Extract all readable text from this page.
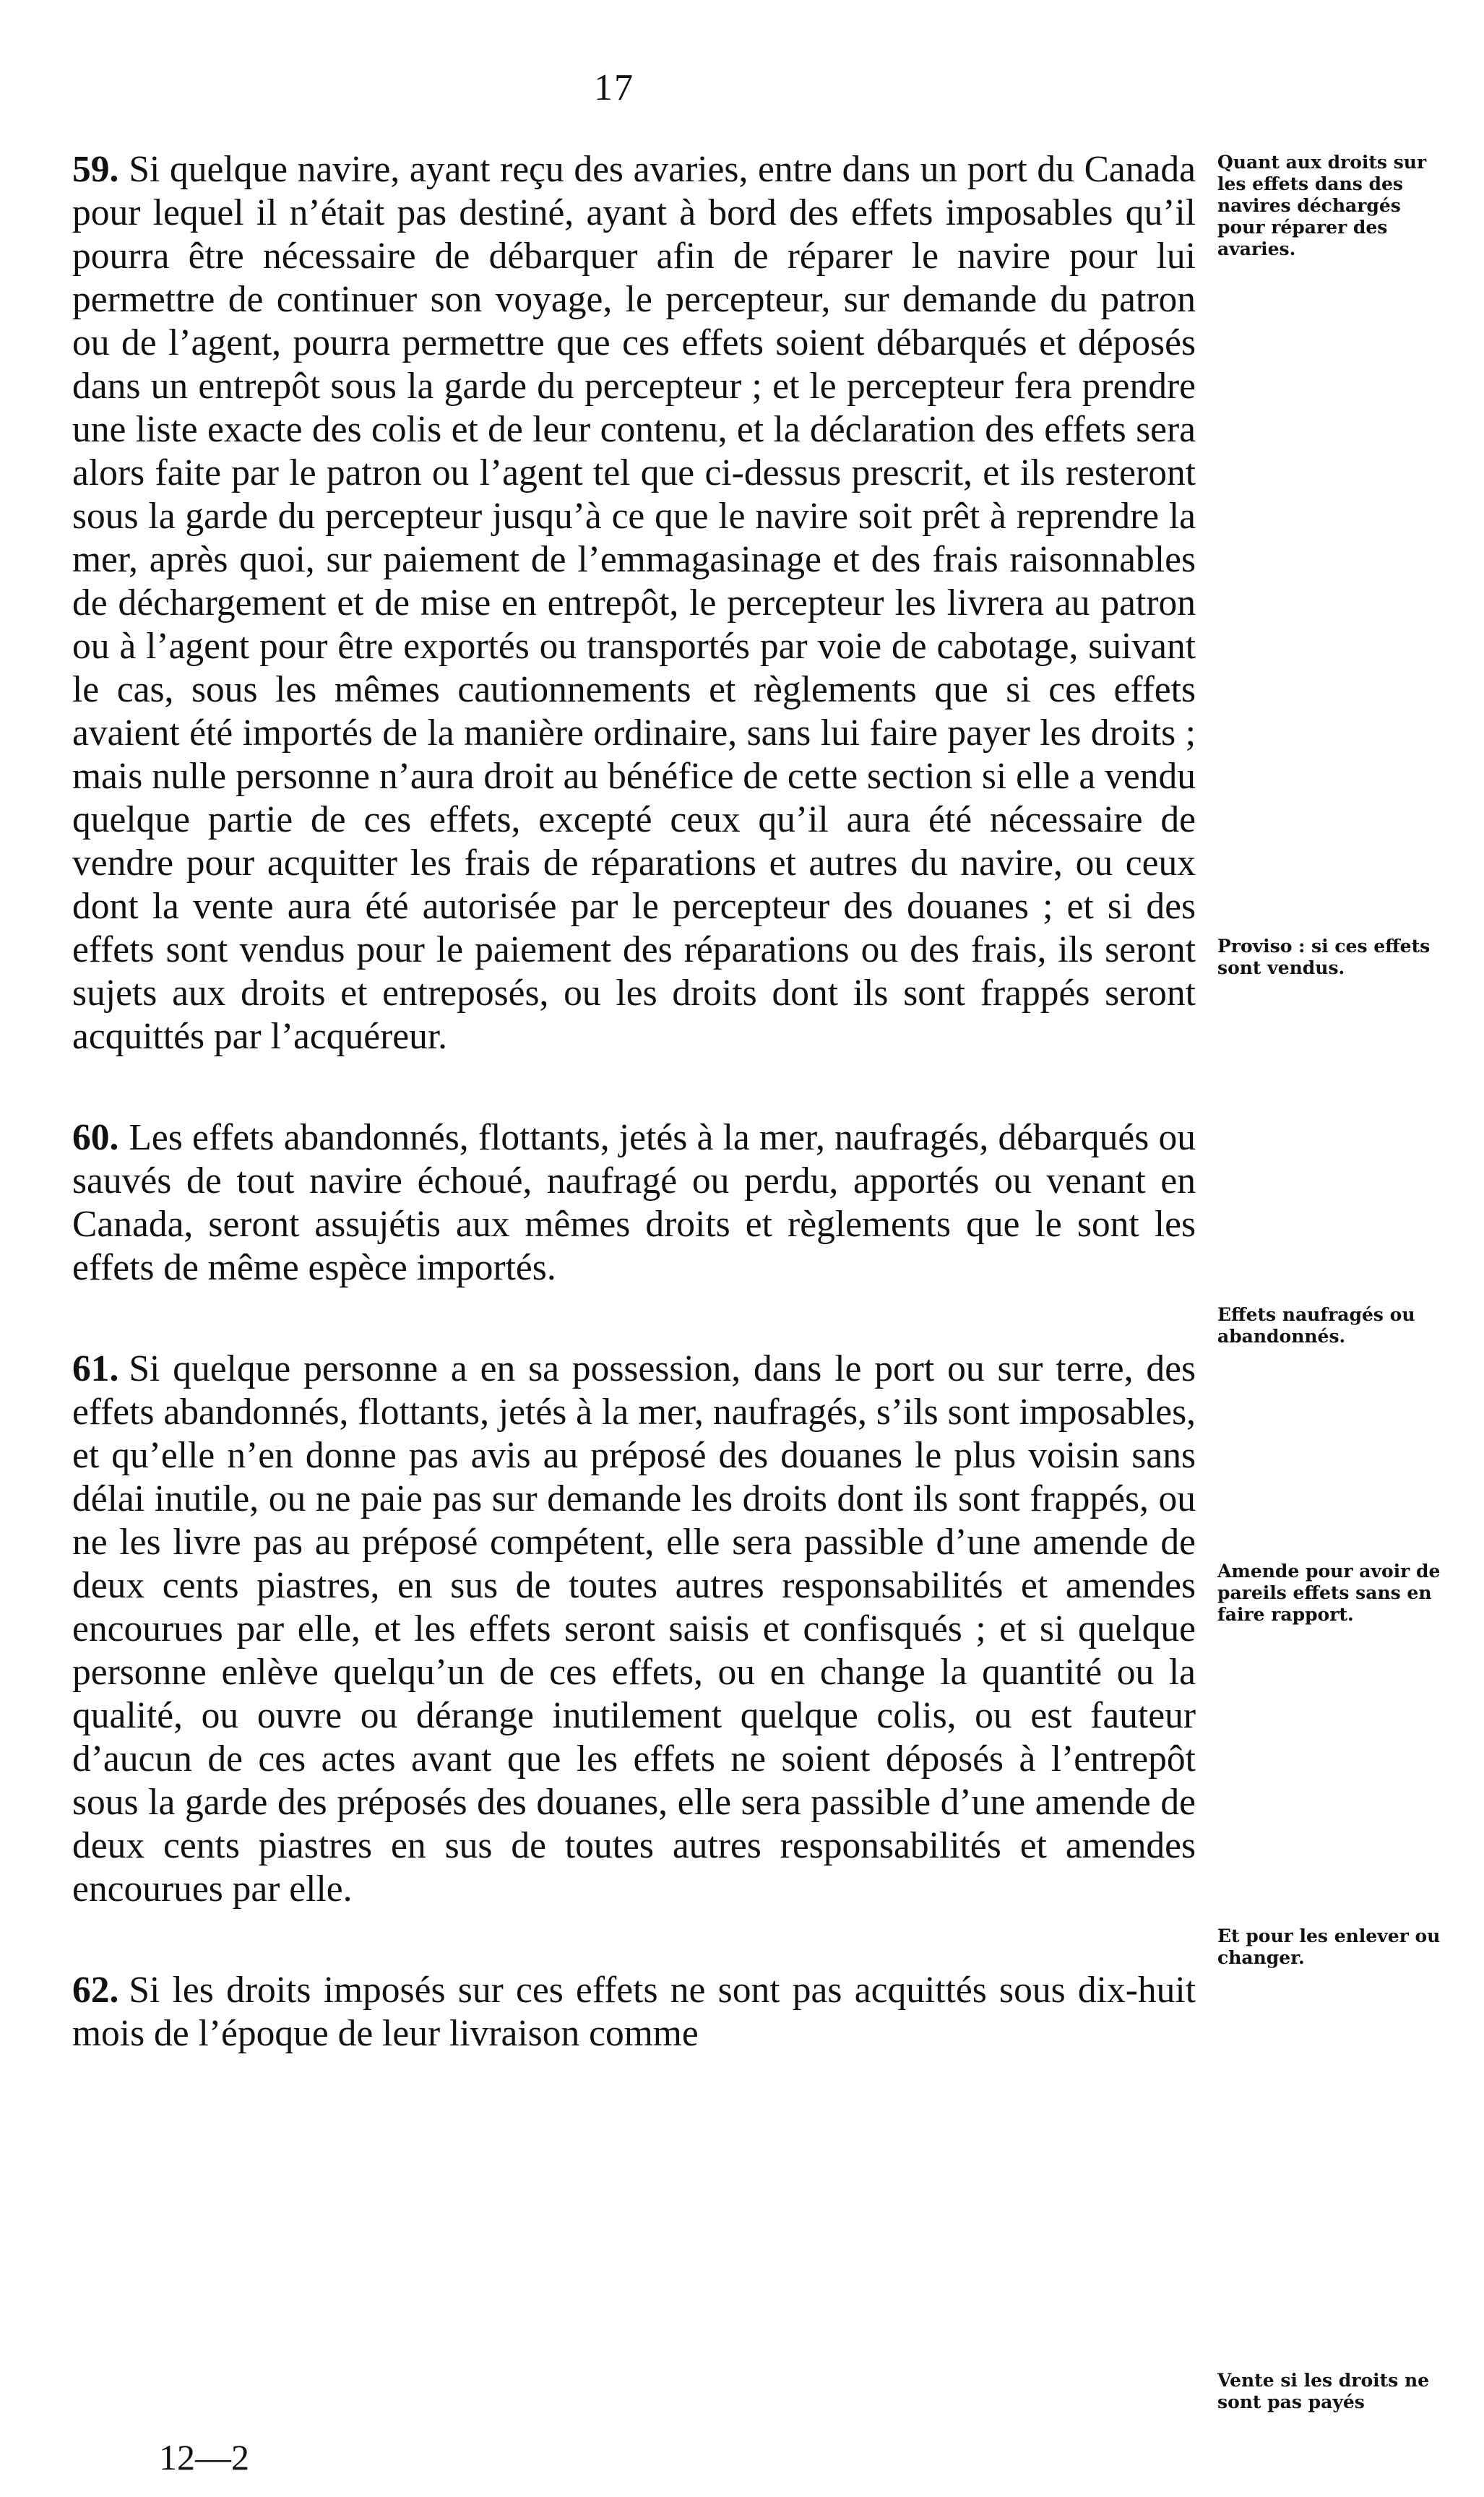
17

59. Si quelque navire, ayant reçu des avaries, entre dans un port du Canada pour lequel il n’était pas destiné, ayant à bord des effets imposables qu’il pourra être nécessaire de débarquer afin de réparer le navire pour lui permettre de continuer son voyage, le percepteur, sur demande du patron ou de l’agent, pourra permettre que ces effets soient débarqués et déposés dans un entrepôt sous la garde du percepteur ; et le percepteur fera prendre une liste exacte des colis et de leur contenu, et la déclaration des effets sera alors faite par le patron ou l’agent tel que ci-dessus prescrit, et ils resteront sous la garde du percepteur jusqu’à ce que le navire soit prêt à reprendre la mer, après quoi, sur paiement de l’emmagasinage et des frais raisonnables de déchargement et de mise en entrepôt, le percepteur les livrera au patron ou à l’agent pour être exportés ou transportés par voie de cabotage, suivant le cas, sous les mêmes cautionnements et règlements que si ces effets avaient été importés de la manière ordinaire, sans lui faire payer les droits ; mais nulle personne n’aura droit au bénéfice de cette section si elle a vendu quelque partie de ces effets, excepté ceux qu’il aura été nécessaire de vendre pour acquitter les frais de réparations et autres du navire, ou ceux dont la vente aura été autorisée par le percepteur des douanes ; et si des effets sont vendus pour le paiement des réparations ou des frais, ils seront sujets aux droits et entreposés, ou les droits dont ils sont frappés seront acquittés par l’acquéreur.

60. Les effets abandonnés, flottants, jetés à la mer, naufragés, débarqués ou sauvés de tout navire échoué, naufragé ou perdu, apportés ou venant en Canada, seront assujétis aux mêmes droits et règlements que le sont les effets de même espèce importés.

61. Si quelque personne a en sa possession, dans le port ou sur terre, des effets abandonnés, flottants, jetés à la mer, naufragés, s’ils sont imposables, et qu’elle n’en donne pas avis au préposé des douanes le plus voisin sans délai inutile, ou ne paie pas sur demande les droits dont ils sont frappés, ou ne les livre pas au préposé compétent, elle sera passible d’une amende de deux cents piastres, en sus de toutes autres responsabilités et amendes encourues par elle, et les effets seront saisis et confisqués ; et si quelque personne enlève quelqu’un de ces effets, ou en change la quantité ou la qualité, ou ouvre ou dérange inutilement quelque colis, ou est fauteur d’aucun de ces actes avant que les effets ne soient déposés à l’entrepôt sous la garde des préposés des douanes, elle sera passible d’une amende de deux cents piastres en sus de toutes autres responsabilités et amendes encourues par elle.

62. Si les droits imposés sur ces effets ne sont pas acquittés sous dix-huit mois de l’époque de leur livraison comme

Quant aux droits sur les effets dans des navires déchargés pour réparer des avaries.
Proviso : si ces effets sont vendus.
Effets naufragés ou abandonnés.
Amende pour avoir de pareils effets sans en faire rapport.
Et pour les enlever ou changer.
Vente si les droits ne sont pas payés
12—2
